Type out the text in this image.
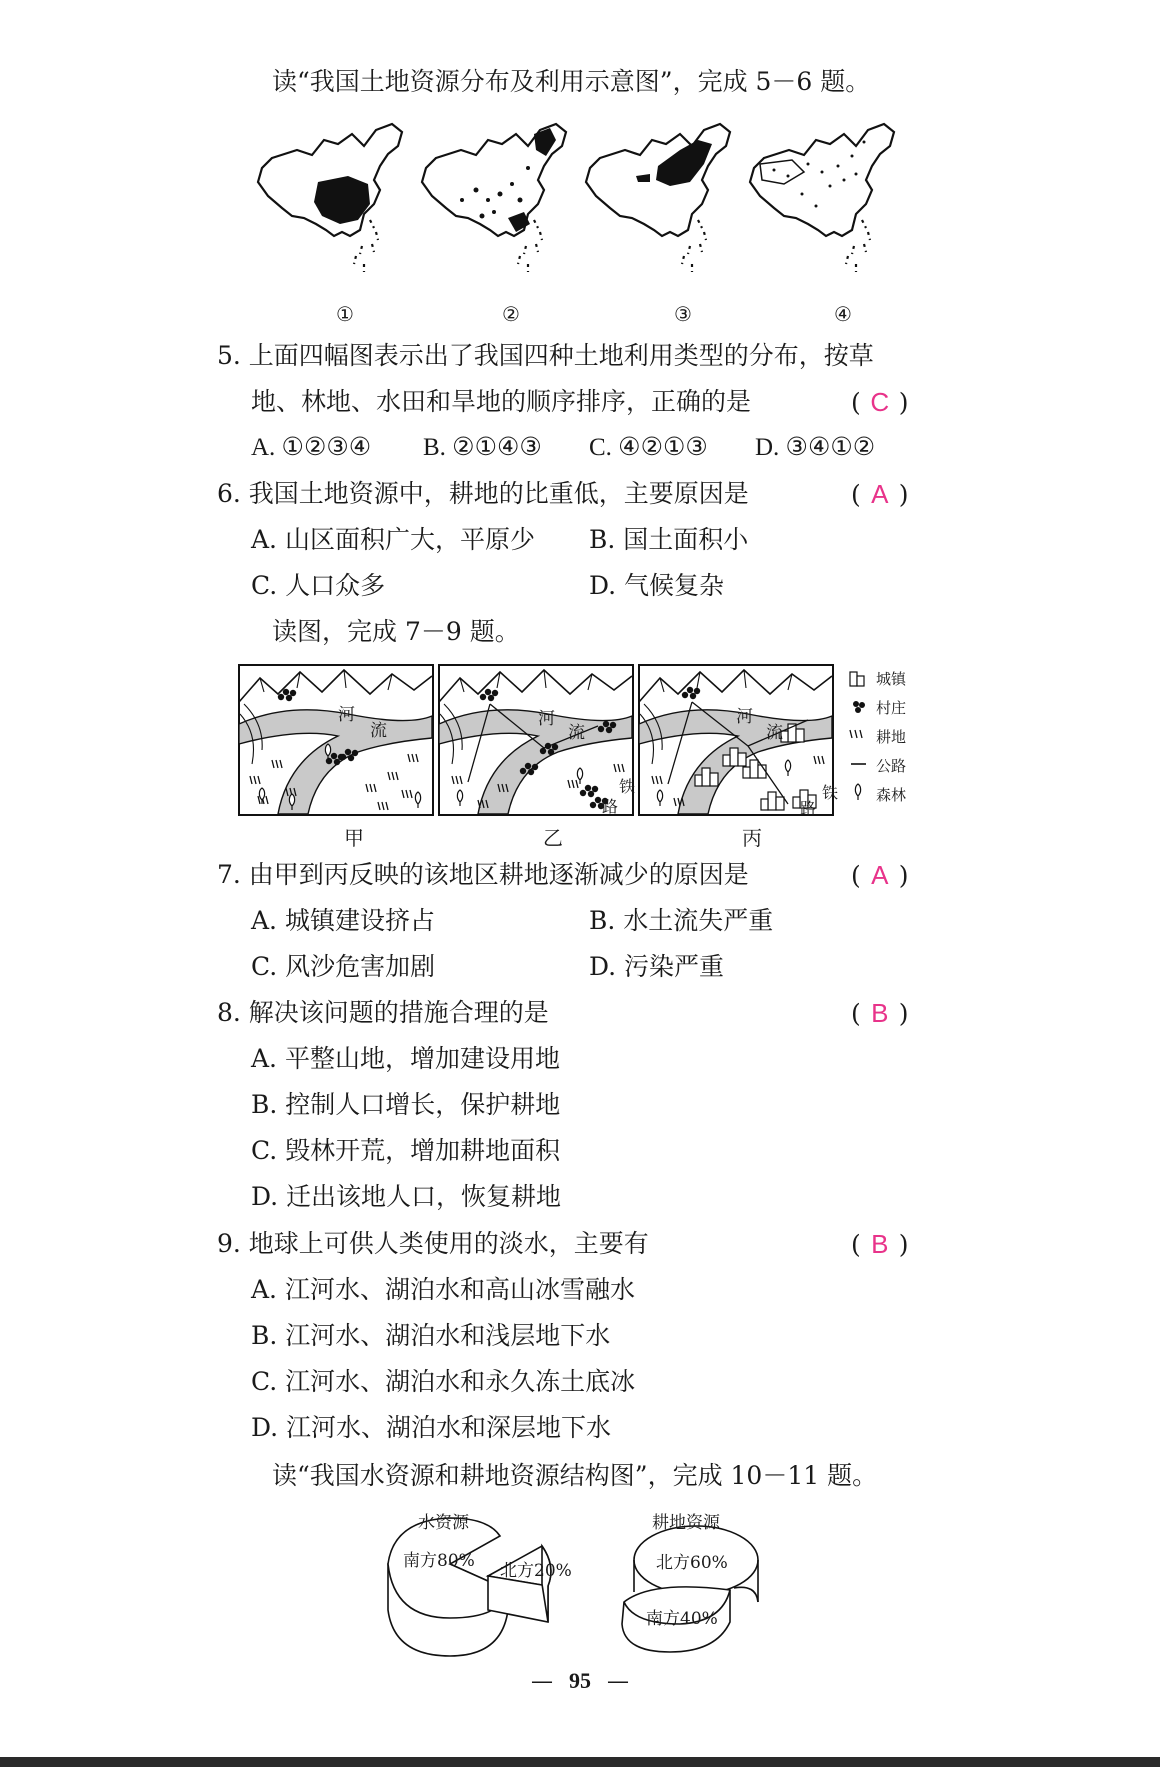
读“我国土地资源分布及利用示意图”，完成 5－6 题。
①	②	③	④
5. 上面四幅图表示出了我国四种土地利用类型的分布，按草
地、林地、水田和旱地的顺序排序，正确的是	( C )
A. ①②③④ B. ②①④③ C. ④②①③ D. ③④①②
6. 我国土地资源中，耕地的比重低，主要原因是	( A )
A. 山区面积广大，平原少 B. 国土面积小
C. 人口众多	D. 气候复杂
读图，完成 7－9 题。
河
流
河
流
铁
路
河
流
铁
路
甲	乙	丙
城镇
村庄
耕地
公路
森林
7. 由甲到丙反映的该地区耕地逐渐减少的原因是	( A )
A. 城镇建设挤占	B. 水土流失严重
C. 风沙危害加剧	D. 污染严重
8. 解决该问题的措施合理的是	( B )
A. 平整山地，增加建设用地
B. 控制人口增长，保护耕地
C. 毁林开荒，增加耕地面积
D. 迁出该地人口，恢复耕地
9. 地球上可供人类使用的淡水，主要有	( B )
A. 江河水、湖泊水和高山冰雪融水
B. 江河水、湖泊水和浅层地下水
C. 江河水、湖泊水和永久冻土底冰
D. 江河水、湖泊水和深层地下水
读“我国水资源和耕地资源结构图”，完成 10－11 题。
水资源
南方80% 北方20%
耕地资源
北方60%
南方40%
— 95 —
